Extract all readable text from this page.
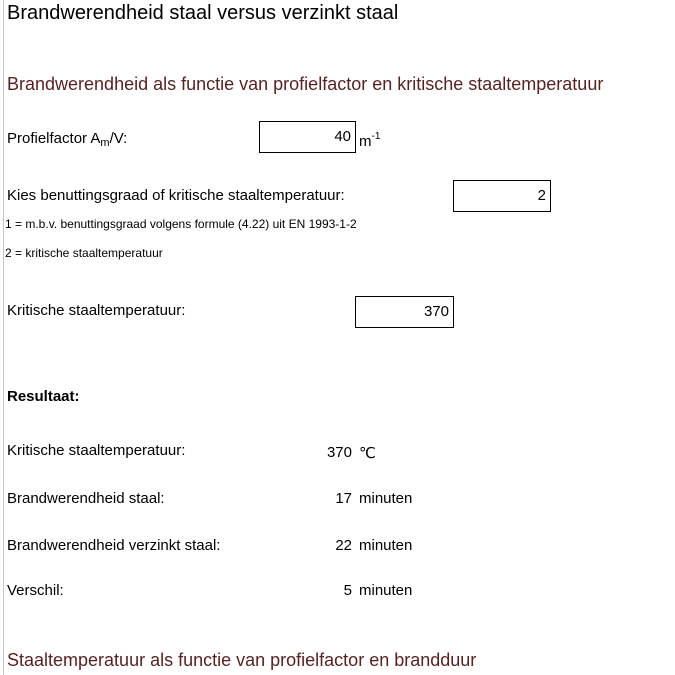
Brandwerendheid staal versus verzinkt staal
Brandwerendheid als functie van profielfactor en kritische staaltemperatuur
Profielfactor $A_m/V$:	40 $m^{-1}$
Kies benuttingsgraad of kritische staaltemperatuur:	2
1 = m.b.v. benuttingsgraad volgens formule (4.22) uit EN 1993-1-2
2 = kritische staaltemperatuur
Kritische staaltemperatuur:	370
Resultaat:
Kritische staaltemperatuur:	370 ℃
Brandwerendheid staal:	17 minuten
Brandwerendheid verzinkt staal:	22 minuten
Verschil:	5 minuten
Staaltemperatuur als functie van profielfactor en brandduur
